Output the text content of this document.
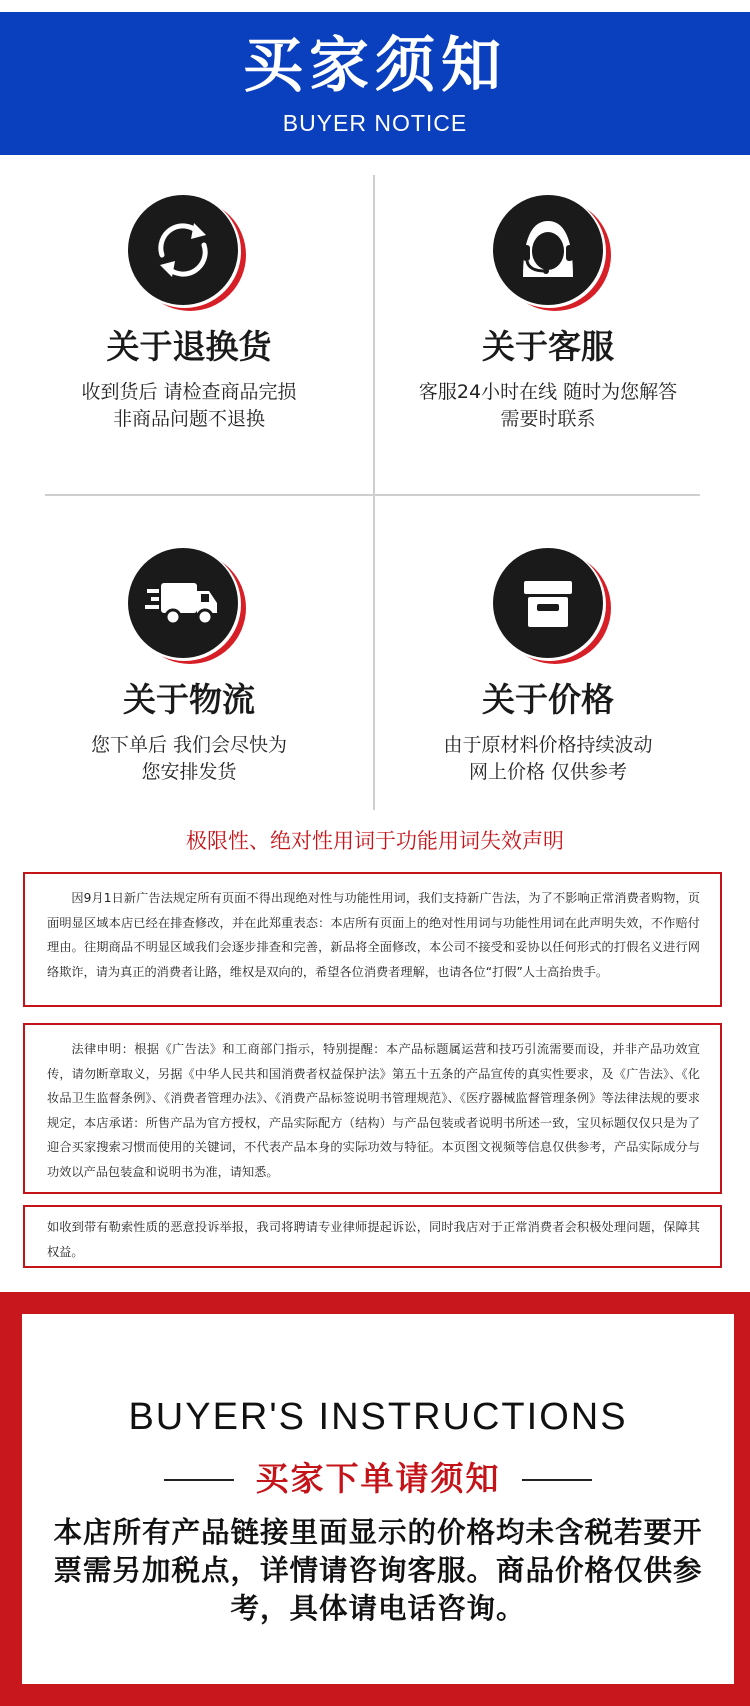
买家须知
BUYER NOTICE
关于退换货
收到货后 请检查商品完损
非商品问题不退换
关于客服
客服24小时在线 随时为您解答
需要时联系
关于物流
您下单后 我们会尽快为
您安排发货
关于价格
由于原材料价格持续波动
网上价格 仅供参考
极限性、绝对性用词于功能用词失效声明
因9月1日新广告法规定所有页面不得出现绝对性与功能性用词，我们支持新广告法，为了不影响正常消费者购物，页面明显区域本店已经在排查修改，并在此郑重表态：本店所有页面上的绝对性用词与功能性用词在此声明失效，不作赔付理由。往期商品不明显区域我们会逐步排查和完善，新品将全面修改，本公司不接受和妥协以任何形式的打假名义进行网络欺诈，请为真正的消费者让路，维权是双向的，希望各位消费者理解，也请各位“打假”人士高抬贵手。
法律申明：根据《广告法》和工商部门指示，特别提醒：本产品标题属运营和技巧引流需要而设，并非产品功效宣传，请勿断章取义，另据《中华人民共和国消费者权益保护法》第五十五条的产品宣传的真实性要求，及《广告法》、《化妆品卫生监督条例》、《消费者管理办法》、《消费产品标签说明书管理规范》、《医疗器械监督管理条例》等法律法规的要求规定，本店承诺：所售产品为官方授权，产品实际配方（结构）与产品包装或者说明书所述一致，宝贝标题仅仅只是为了迎合买家搜索习惯而使用的关键词，不代表产品本身的实际功效与特征。本页图文视频等信息仅供参考，产品实际成分与功效以产品包装盒和说明书为准，请知悉。
如收到带有勒索性质的恶意投诉举报，我司将聘请专业律师提起诉讼，同时我店对于正常消费者会积极处理问题，保障其权益。
BUYER'S INSTRUCTIONS
买家下单请须知
本店所有产品链接里面显示的价格均未含税若要开票需另加税点，详情请咨询客服。商品价格仅供参考，具体请电话咨询。
